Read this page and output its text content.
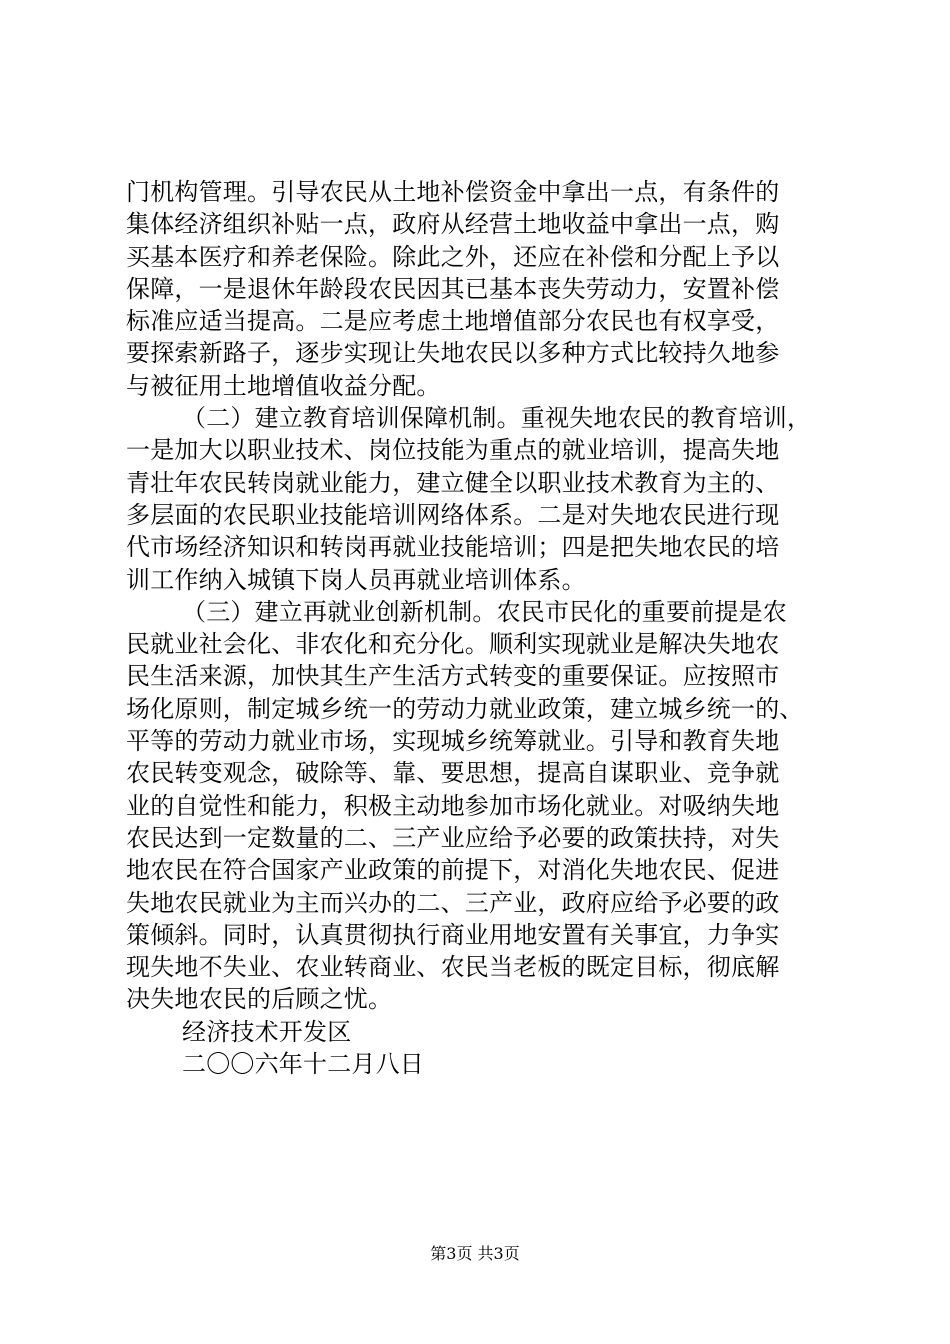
门机构管理。引导农民从土地补偿资金中拿出一点，有条件的
集体经济组织补贴一点，政府从经营土地收益中拿出一点，购
买基本医疗和养老保险。除此之外，还应在补偿和分配上予以
保障，一是退休年龄段农民因其已基本丧失劳动力，安置补偿
标准应适当提高。二是应考虑土地增值部分农民也有权享受，
要探索新路子，逐步实现让失地农民以多种方式比较持久地参
与被征用土地增值收益分配。
（二）建立教育培训保障机制。重视失地农民的教育培训，
一是加大以职业技术、岗位技能为重点的就业培训，提高失地
青壮年农民转岗就业能力，建立健全以职业技术教育为主的、
多层面的农民职业技能培训网络体系。二是对失地农民进行现
代市场经济知识和转岗再就业技能培训；四是把失地农民的培
训工作纳入城镇下岗人员再就业培训体系。
（三）建立再就业创新机制。农民市民化的重要前提是农
民就业社会化、非农化和充分化。顺利实现就业是解决失地农
民生活来源，加快其生产生活方式转变的重要保证。应按照市
场化原则，制定城乡统一的劳动力就业政策，建立城乡统一的、
平等的劳动力就业市场，实现城乡统筹就业。引导和教育失地
农民转变观念，破除等、靠、要思想，提高自谋职业、竞争就
业的自觉性和能力，积极主动地参加市场化就业。对吸纳失地
农民达到一定数量的二、三产业应给予必要的政策扶持，对失
地农民在符合国家产业政策的前提下，对消化失地农民、促进
失地农民就业为主而兴办的二、三产业，政府应给予必要的政
策倾斜。同时，认真贯彻执行商业用地安置有关事宜，力争实
现失地不失业、农业转商业、农民当老板的既定目标，彻底解
决失地农民的后顾之忧。
经济技术开发区
二〇〇六年十二月八日
第3页 共3页
